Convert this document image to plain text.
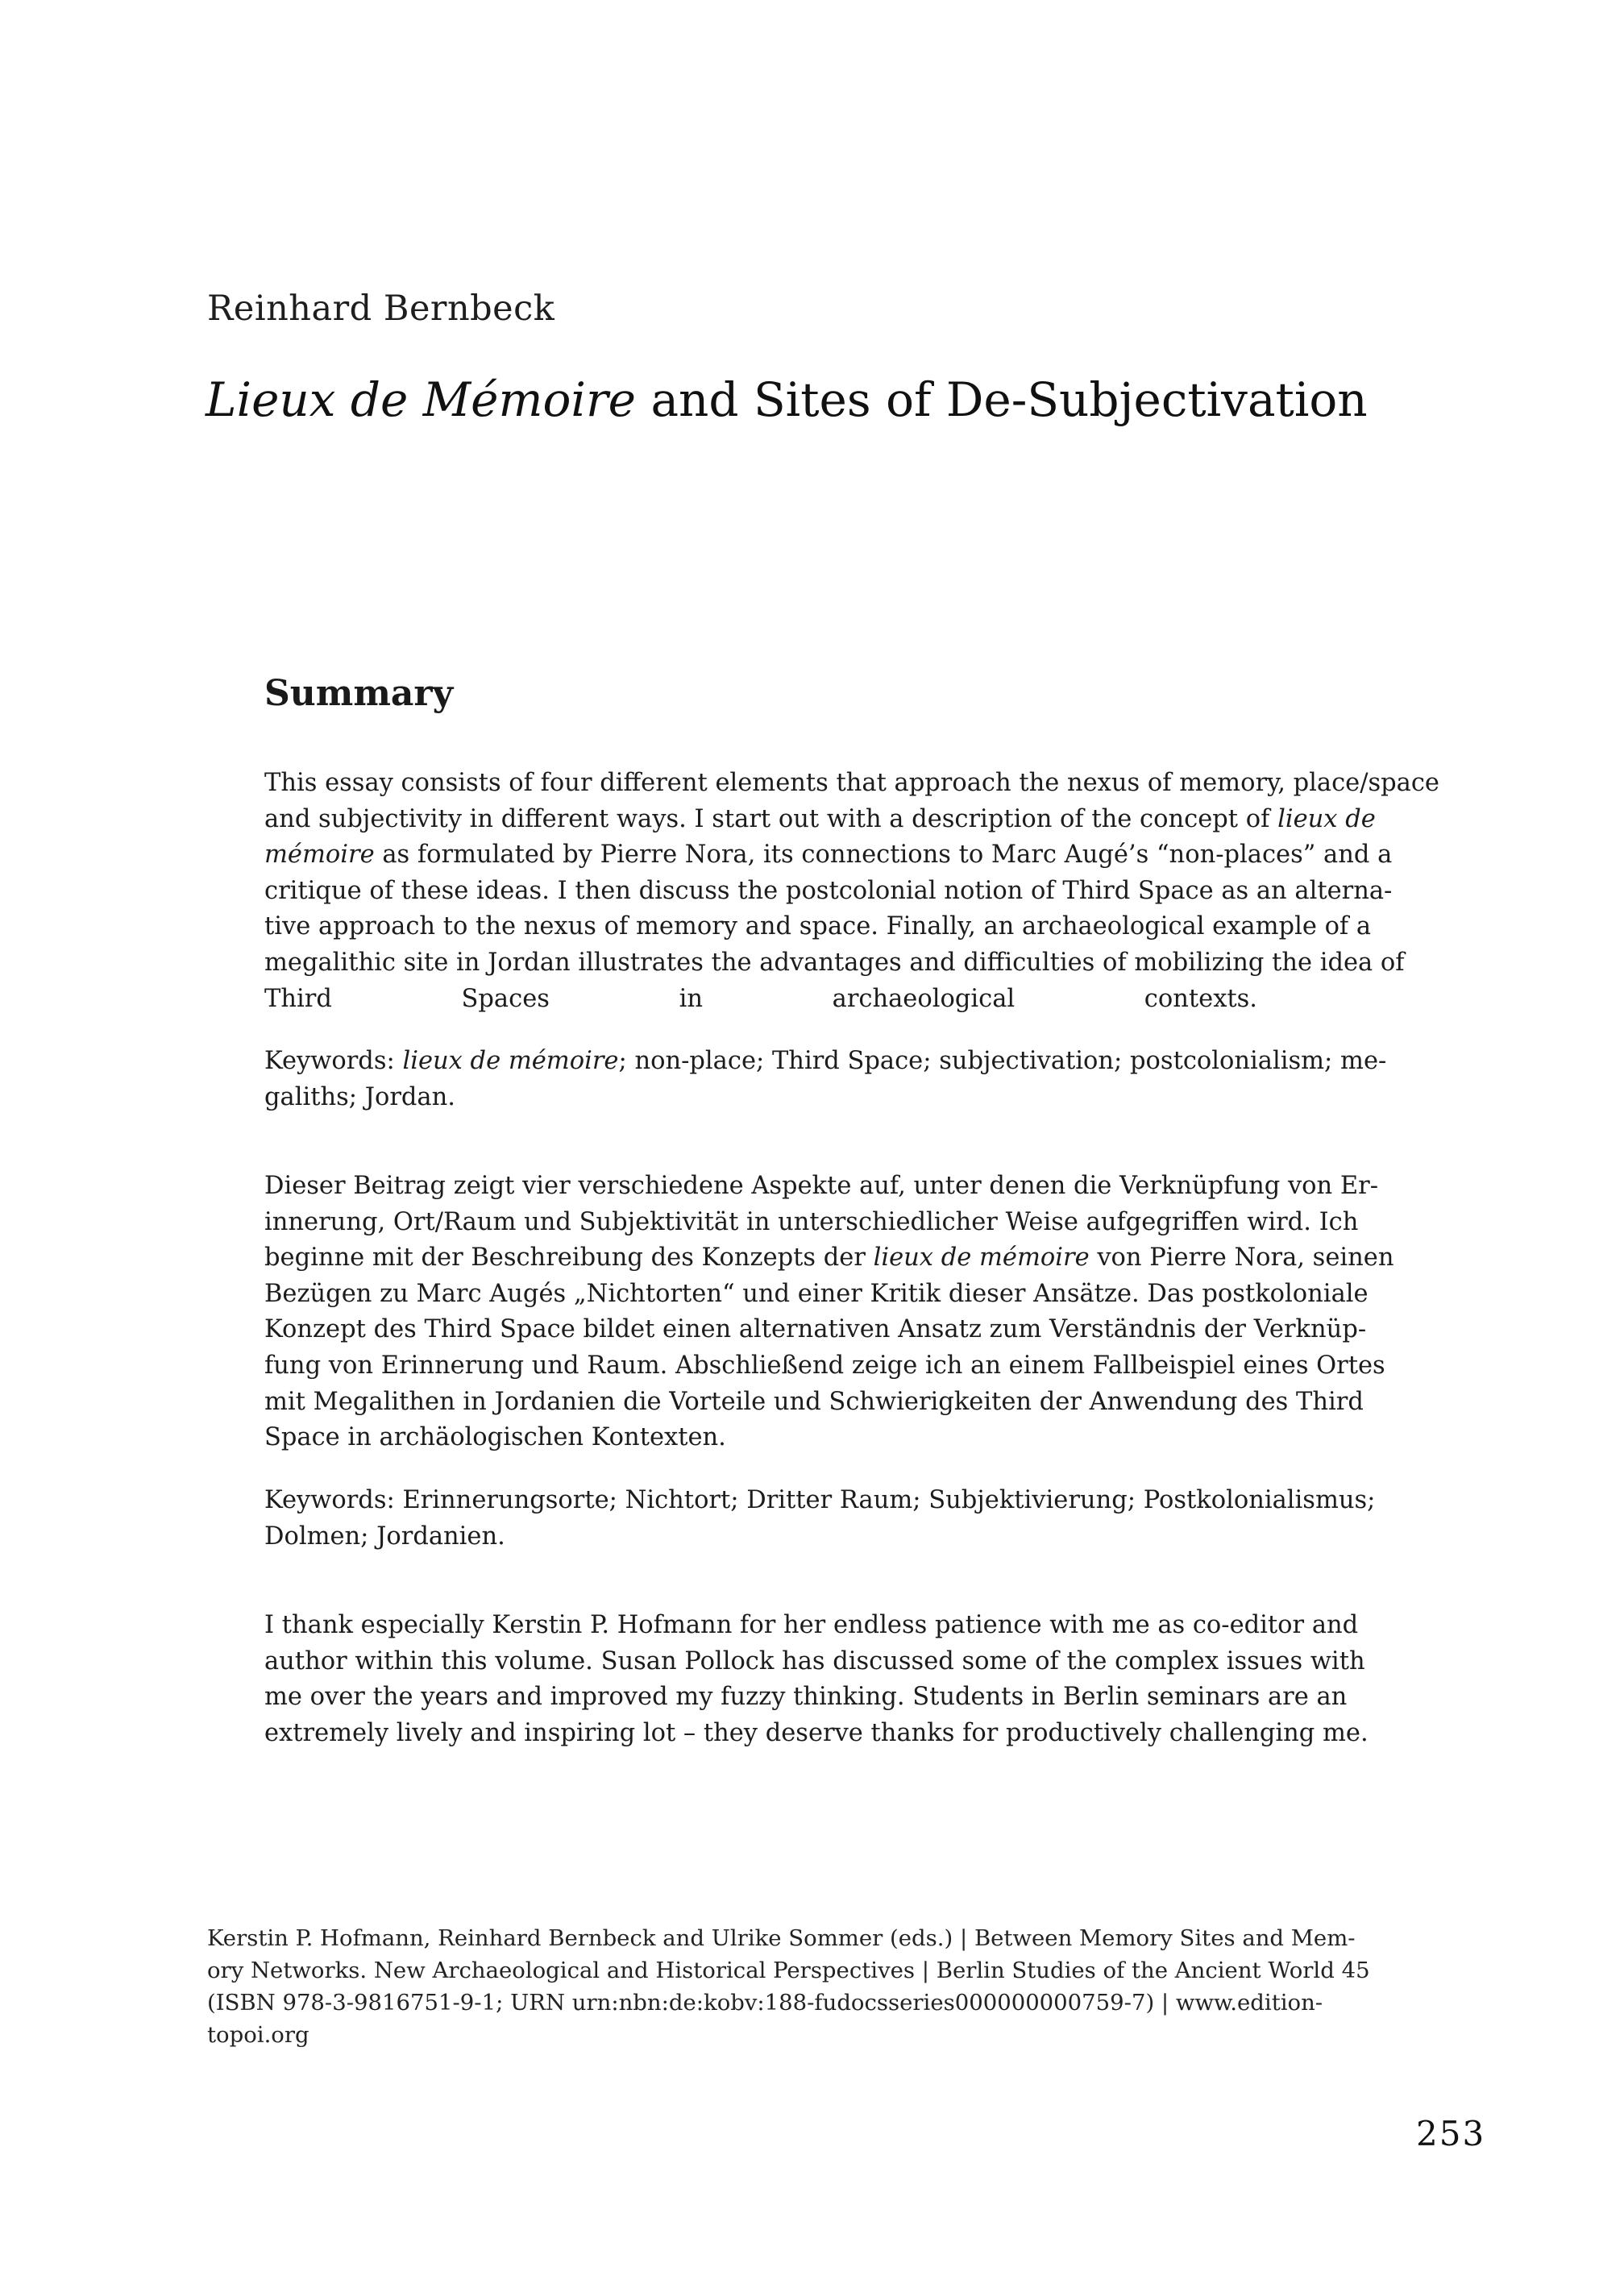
Reinhard Bernbeck
Lieux de Mémoire and Sites of De-Subjectivation
Summary
This essay consists of four different elements that approach the nexus of memory, place/space
and subjectivity in different ways. I start out with a description of the concept of lieux de
mémoire as formulated by Pierre Nora, its connections to Marc Augé’s “non-places” and a
critique of these ideas. I then discuss the postcolonial notion of Third Space as an alterna-
tive approach to the nexus of memory and space. Finally, an archaeological example of a
megalithic site in Jordan illustrates the advantages and difficulties of mobilizing the idea of
Third Spaces in archaeological contexts.
Keywords: lieux de mémoire; non-place; Third Space; subjectivation; postcolonialism; me-
galiths; Jordan.
Dieser Beitrag zeigt vier verschiedene Aspekte auf, unter denen die Verknüpfung von Er-
innerung, Ort/Raum und Subjektivität in unterschiedlicher Weise aufgegriffen wird. Ich
beginne mit der Beschreibung des Konzepts der lieux de mémoire von Pierre Nora, seinen
Bezügen zu Marc Augés „Nichtorten“ und einer Kritik dieser Ansätze. Das postkoloniale
Konzept des Third Space bildet einen alternativen Ansatz zum Verständnis der Verknüp-
fung von Erinnerung und Raum. Abschließend zeige ich an einem Fallbeispiel eines Ortes
mit Megalithen in Jordanien die Vorteile und Schwierigkeiten der Anwendung des Third
Space in archäologischen Kontexten.
Keywords: Erinnerungsorte; Nichtort; Dritter Raum; Subjektivierung; Postkolonialismus;
Dolmen; Jordanien.
I thank especially Kerstin P. Hofmann for her endless patience with me as co-editor and
author within this volume. Susan Pollock has discussed some of the complex issues with
me over the years and improved my fuzzy thinking. Students in Berlin seminars are an
extremely lively and inspiring lot – they deserve thanks for productively challenging me.
Kerstin P. Hofmann, Reinhard Bernbeck and Ulrike Sommer (eds.) | Between Memory Sites and Mem-
ory Networks. New Archaeological and Historical Perspectives | Berlin Studies of the Ancient World 45
(ISBN 978-3-9816751-9-1; URN urn:nbn:de:kobv:188-fudocsseries000000000759-7) | www.edition-
topoi.org
253
